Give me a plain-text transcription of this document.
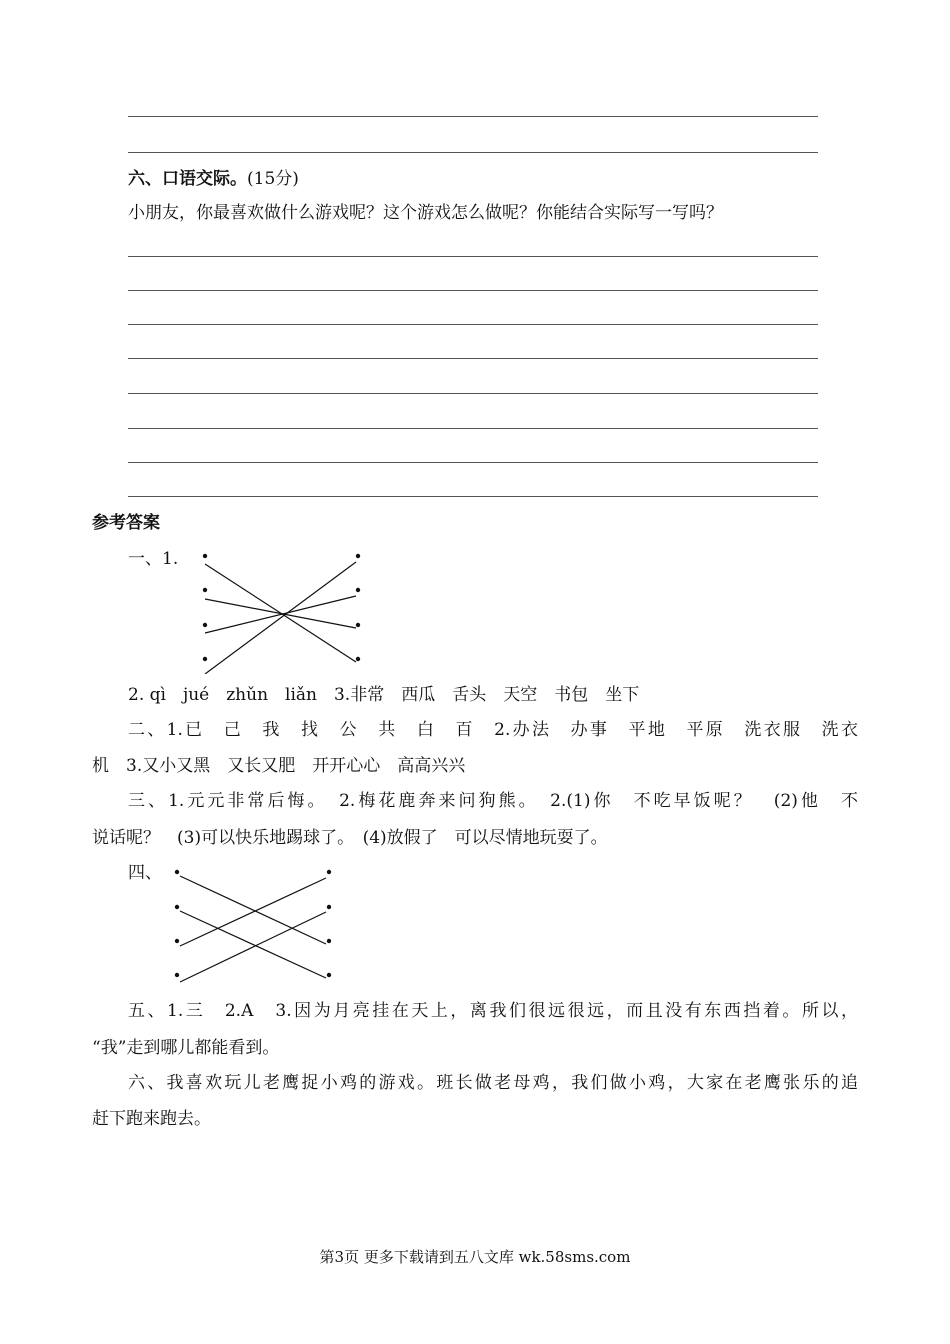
六、口语交际。(15分)
小朋友，你最喜欢做什么游戏呢？这个游戏怎么做呢？你能结合实际写一写吗？
参考答案
一、1.
2. qì　jué　zhǔn　liǎn　3.非常　西瓜　舌头　天空　书包　坐下
二、1.已　己　我　找　公　共　白　百　2.办法　办事　平地　平原　洗衣服　洗衣
机　3.又小又黑　又长又肥　开开心心　高高兴兴
三、1.元元非常后悔。　2.梅花鹿奔来问狗熊。　2.(1)你　不吃早饭呢？　(2)他　不
说话呢？　(3)可以快乐地踢球了。　(4)放假了　可以尽情地玩耍了。
四、
五、1.三　2.A　3.因为月亮挂在天上，离我们很远很远，而且没有东西挡着。所以，
“我”走到哪儿都能看到。
六、我喜欢玩儿老鹰捉小鸡的游戏。班长做老母鸡，我们做小鸡，大家在老鹰张乐的追
赶下跑来跑去。
第3页 更多下载请到五八文库 wk.58sms.com
